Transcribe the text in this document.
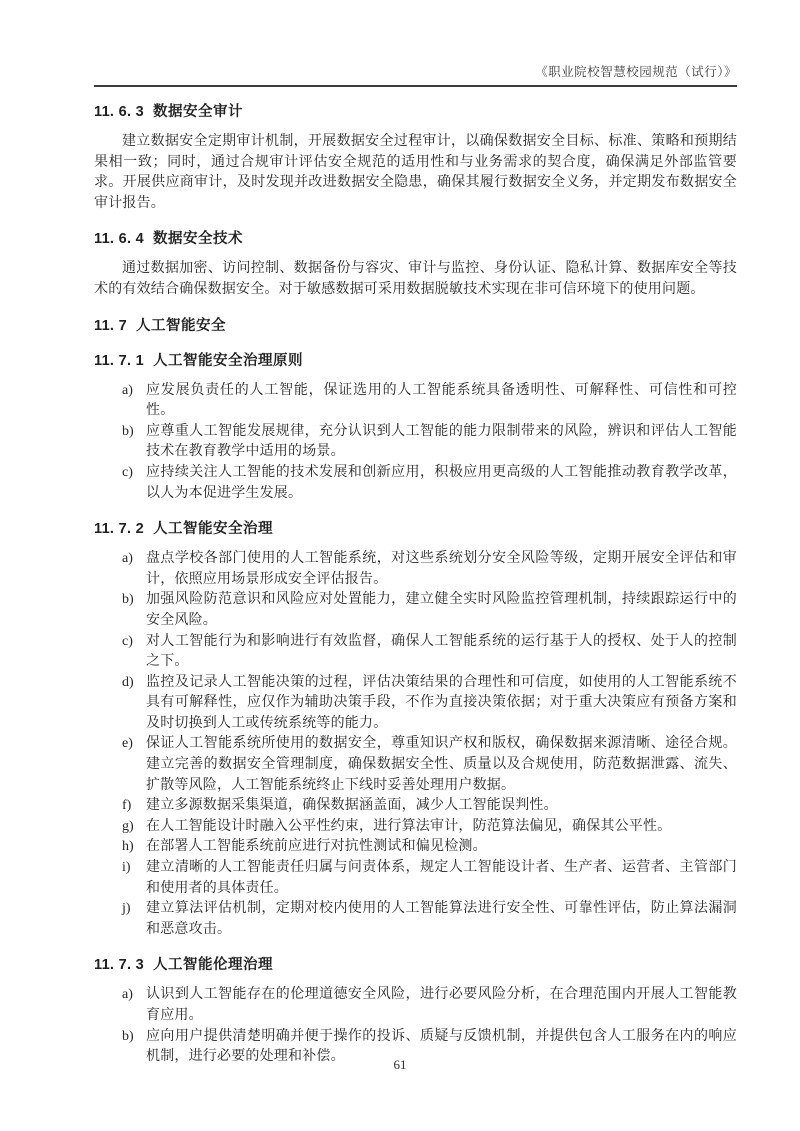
《职业院校智慧校园规范（试行）》
11. 6. 3 数据安全审计

建立数据安全定期审计机制，开展数据安全过程审计，以确保数据安全目标、标准、策略和预期结果相一致；同时，通过合规审计评估安全规范的适用性和与业务需求的契合度，确保满足外部监管要求。开展供应商审计，及时发现并改进数据安全隐患，确保其履行数据安全义务，并定期发布数据安全审计报告。

11. 6. 4 数据安全技术

通过数据加密、访问控制、数据备份与容灾、审计与监控、身份认证、隐私计算、数据库安全等技术的有效结合确保数据安全。对于敏感数据可采用数据脱敏技术实现在非可信环境下的使用问题。

11. 7 人工智能安全
11. 7. 1 人工智能安全治理原则
a) 应发展负责任的人工智能，保证选用的人工智能系统具备透明性、可解释性、可信性和可控性。
b) 应尊重人工智能发展规律，充分认识到人工智能的能力限制带来的风险，辨识和评估人工智能技术在教育教学中适用的场景。
c) 应持续关注人工智能的技术发展和创新应用，积极应用更高级的人工智能推动教育教学改革，以人为本促进学生发展。
11. 7. 2 人工智能安全治理
a) 盘点学校各部门使用的人工智能系统，对这些系统划分安全风险等级，定期开展安全评估和审计，依照应用场景形成安全评估报告。
b) 加强风险防范意识和风险应对处置能力，建立健全实时风险监控管理机制，持续跟踪运行中的安全风险。
c) 对人工智能行为和影响进行有效监督，确保人工智能系统的运行基于人的授权、处于人的控制之下。
d) 监控及记录人工智能决策的过程，评估决策结果的合理性和可信度，如使用的人工智能系统不具有可解释性，应仅作为辅助决策手段，不作为直接决策依据；对于重大决策应有预备方案和及时切换到人工或传统系统等的能力。
e) 保证人工智能系统所使用的数据安全，尊重知识产权和版权，确保数据来源清晰、途径合规。建立完善的数据安全管理制度，确保数据安全性、质量以及合规使用，防范数据泄露、流失、扩散等风险，人工智能系统终止下线时妥善处理用户数据。
f)	建立多源数据采集渠道，确保数据涵盖面，减少人工智能误判性。
g) 在人工智能设计时融入公平性约束，进行算法审计，防范算法偏见，确保其公平性。
h) 在部署人工智能系统前应进行对抗性测试和偏见检测。
i)	建立清晰的人工智能责任归属与问责体系，规定人工智能设计者、生产者、运营者、主管部门和使用者的具体责任。
j)	建立算法评估机制，定期对校内使用的人工智能算法进行安全性、可靠性评估，防止算法漏洞和恶意攻击。
11. 7. 3 人工智能伦理治理
a) 认识到人工智能存在的伦理道德安全风险，进行必要风险分析，在合理范围内开展人工智能教育应用。
b) 应向用户提供清楚明确并便于操作的投诉、质疑与反馈机制，并提供包含人工服务在内的响应机制，进行必要的处理和补偿。
61
